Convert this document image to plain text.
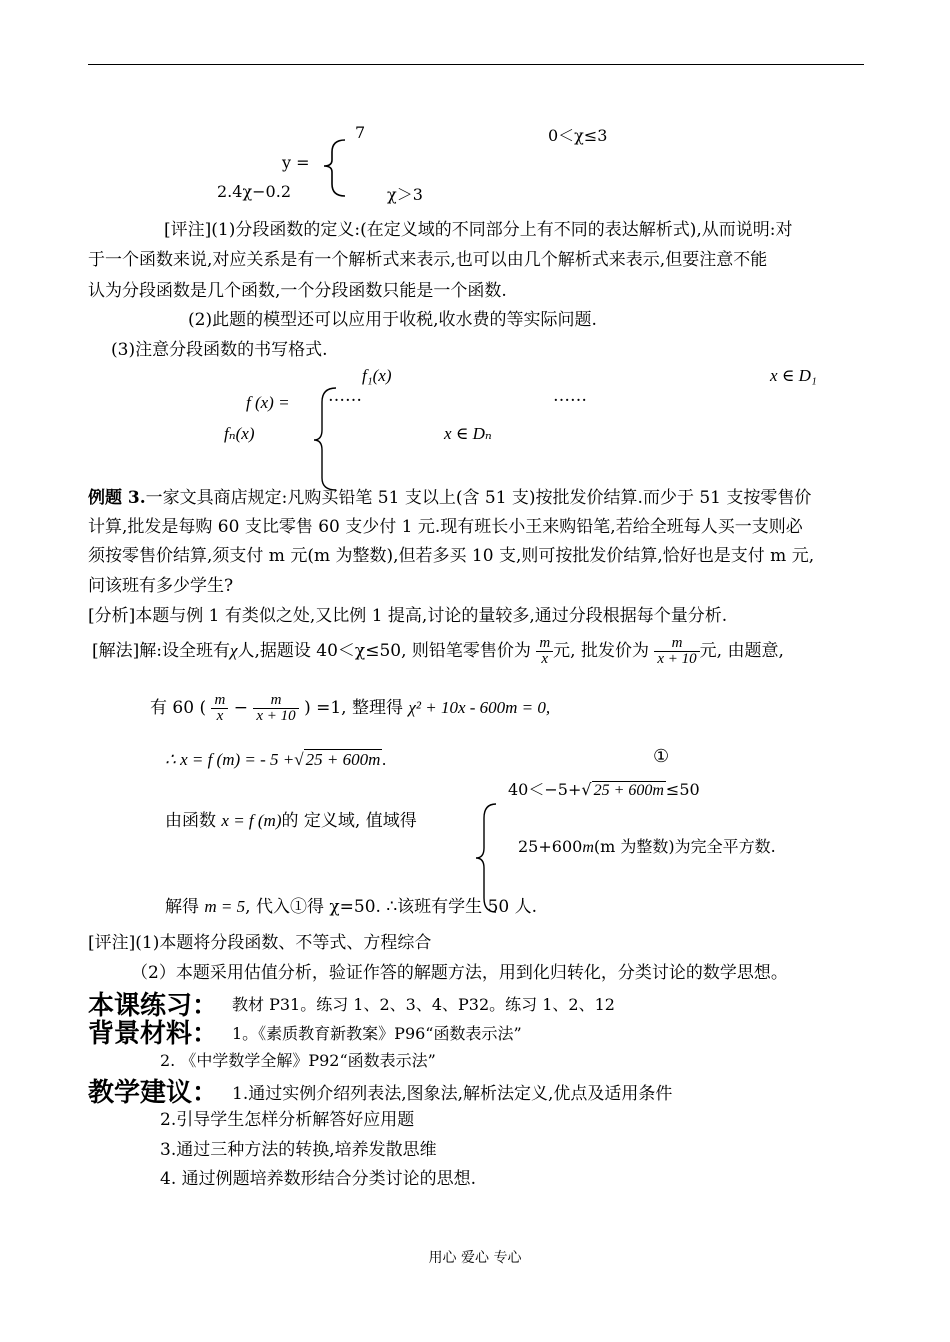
7	0＜χ≤3
y =
2.4χ−0.2	χ＞3
[评注](1)分段函数的定义:(在定义域的不同部分上有不同的表达解析式),从而说明:对
于一个函数来说,对应关系是有一个解析式来表示,也可以由几个解析式来表示,但要注意不能
认为分段函数是几个函数,一个分段函数只能是一个函数.
(2)此题的模型还可以应用于收税,收水费的等实际问题.
(3)注意分段函数的书写格式.
f₁(x)	x ∈ D₁
f (x) = ……	……
fₙ(x)	x ∈ Dₙ
例题 3.一家文具商店规定:凡购买铅笔 51 支以上(含 51 支)按批发价结算.而少于 51 支按零售价
计算,批发是每购 60 支比零售 60 支少付 1 元.现有班长小王来购铅笔,若给全班每人买一支则必
须按零售价结算,须支付 m 元(m 为整数),但若多买 10 支,则可按批发价结算,恰好也是支付 m 元,
问该班有多少学生?
[分析]本题与例 1 有类似之处,又比例 1 提高,讨论的量较多,通过分段根据每个量分析.
[解法]解:设全班有χ人,据题设 40＜χ≤50, 则铅笔零售价为 $\frac{m}{x}$ 元, 批发价为 $\frac{m}{x + 10}$ 元, 由题意,
有 60 ( $\frac{m}{x} - \frac{m}{x + 10}$ ) =1, 整理得 χ² + 10x - 600m = 0,
∴ x = f (m) = - 5 +√ 25 + 600m .	①
40＜−5+√ 25 + 600m ≤50
由函数 x = f (m)的 定义域, 值域得
25+600m(m 为整数)为完全平方数.
解得 m = 5, 代入①得 χ=50. ∴该班有学生 50 人.
[评注](1)本题将分段函数、不等式、方程综合
（2）本题采用估值分析，验证作答的解题方法，用到化归转化，分类讨论的数学思想。
本课练习： 教材 P31。练习 1、2、3、4、P32。练习 1、2、12
背景材料： 1。《素质教育新教案》P96“函数表示法”
2. 《中学数学全解》P92“函数表示法”
教学建议： 1.通过实例介绍列表法,图象法,解析法定义,优点及适用条件
2.引导学生怎样分析解答好应用题
3.通过三种方法的转换,培养发散思维
4. 通过例题培养数形结合分类讨论的思想.
用心 爱心 专心
